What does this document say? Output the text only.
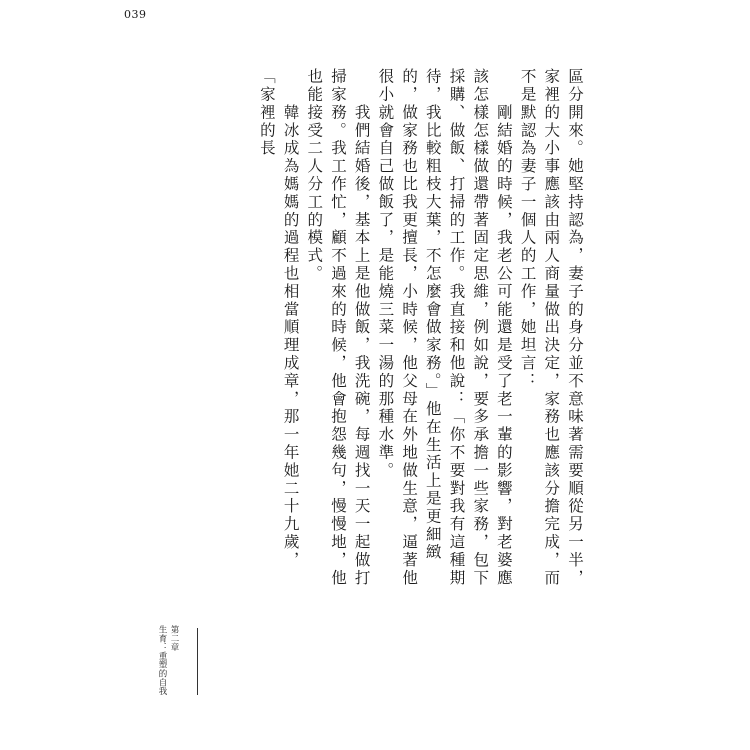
039

區分開來。她堅持認為，妻子的身分並不意味著需要順從另一半，家裡的大小事應該由兩人商量做出決定，家務也應該分擔完成，而不是默認為妻子一個人的工作，她坦言：

　　剛結婚的時候，我老公可能還是受了老一輩的影響，對老婆應該怎樣怎樣做還帶著固定思維，例如說，要多承擔一些家務，包下採購、做飯、打掃的工作。我直接和他說：「你不要對我有這種期待，我比較粗枝大葉，不怎麼會做家務。」他在生活上是更細緻的，做家務也比我更擅長，小時候，他父母在外地做生意，逼著他很小就會自己做飯了，是能燒三菜一湯的那種水準。

　　我們結婚後，基本上是他做飯，我洗碗，每週找一天一起做打掃家務。我工作忙，顧不過來的時候，他會抱怨幾句，慢慢地，他也能接受二人分工的模式。

　　韓冰成為媽媽的過程也相當順理成章，那一年她二十九歲，「家裡的長

第二章
生育：重塑的自我
